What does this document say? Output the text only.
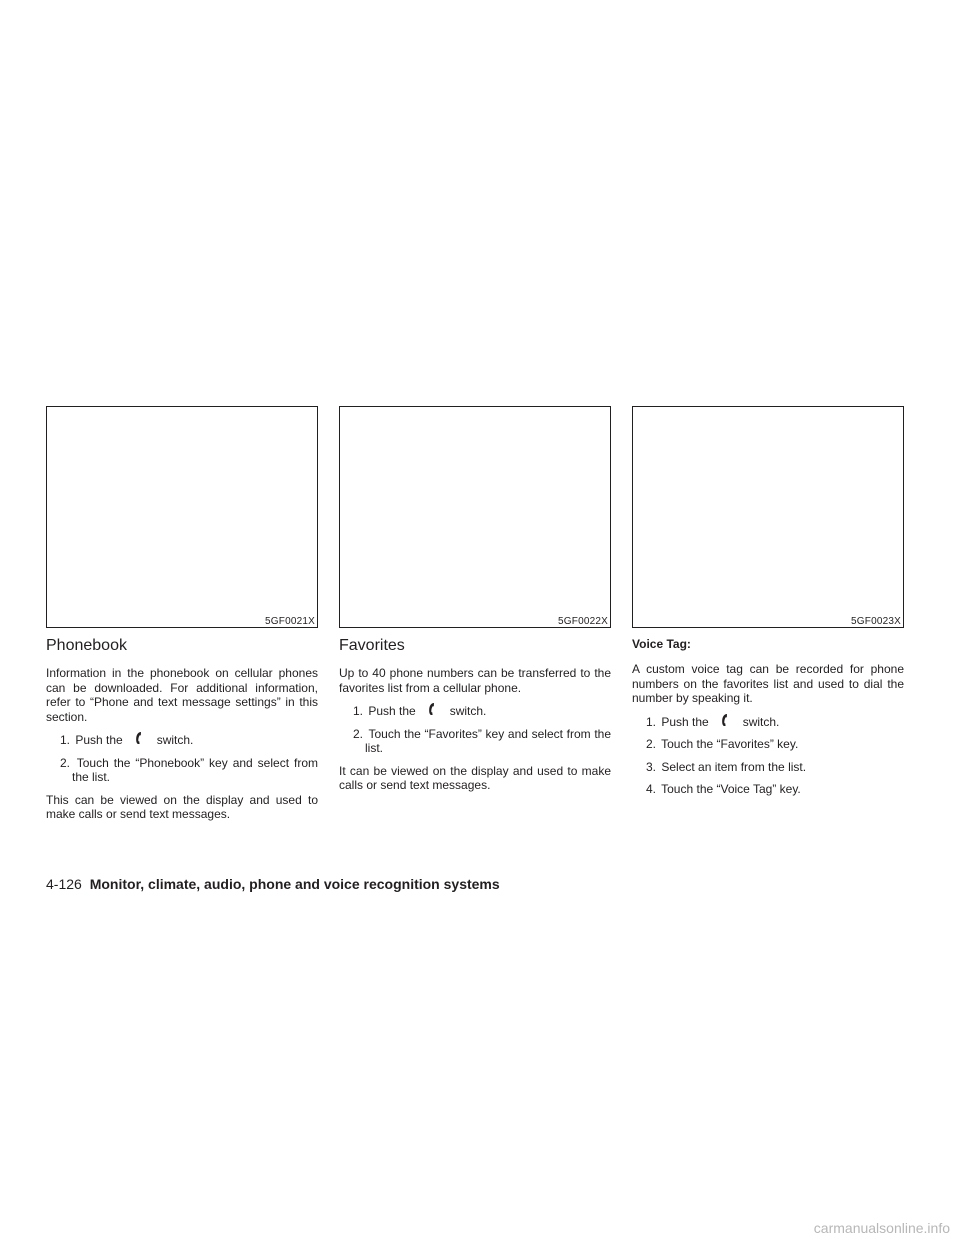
5GF0021X
Phonebook

Information in the phonebook on cellular phones can be downloaded. For additional information, refer to “Phone and text message settings” in this section.

1. Push the	switch.
2. Touch the “Phonebook” key and select from the list.

This can be viewed on the display and used to make calls or send text messages.

5GF0022X
Favorites

Up to 40 phone numbers can be transferred to the favorites list from a cellular phone.

1. Push the	switch.
2. Touch the “Favorites” key and select from the list.

It can be viewed on the display and used to make calls or send text messages.

5GF0023X
Voice Tag:

A custom voice tag can be recorded for phone numbers on the favorites list and used to dial the number by speaking it.

1. Push the	switch.
2. Touch the “Favorites” key.
3. Select an item from the list.
4. Touch the “Voice Tag” key.
4-126 Monitor, climate, audio, phone and voice recognition systems
carmanualsonline.info
